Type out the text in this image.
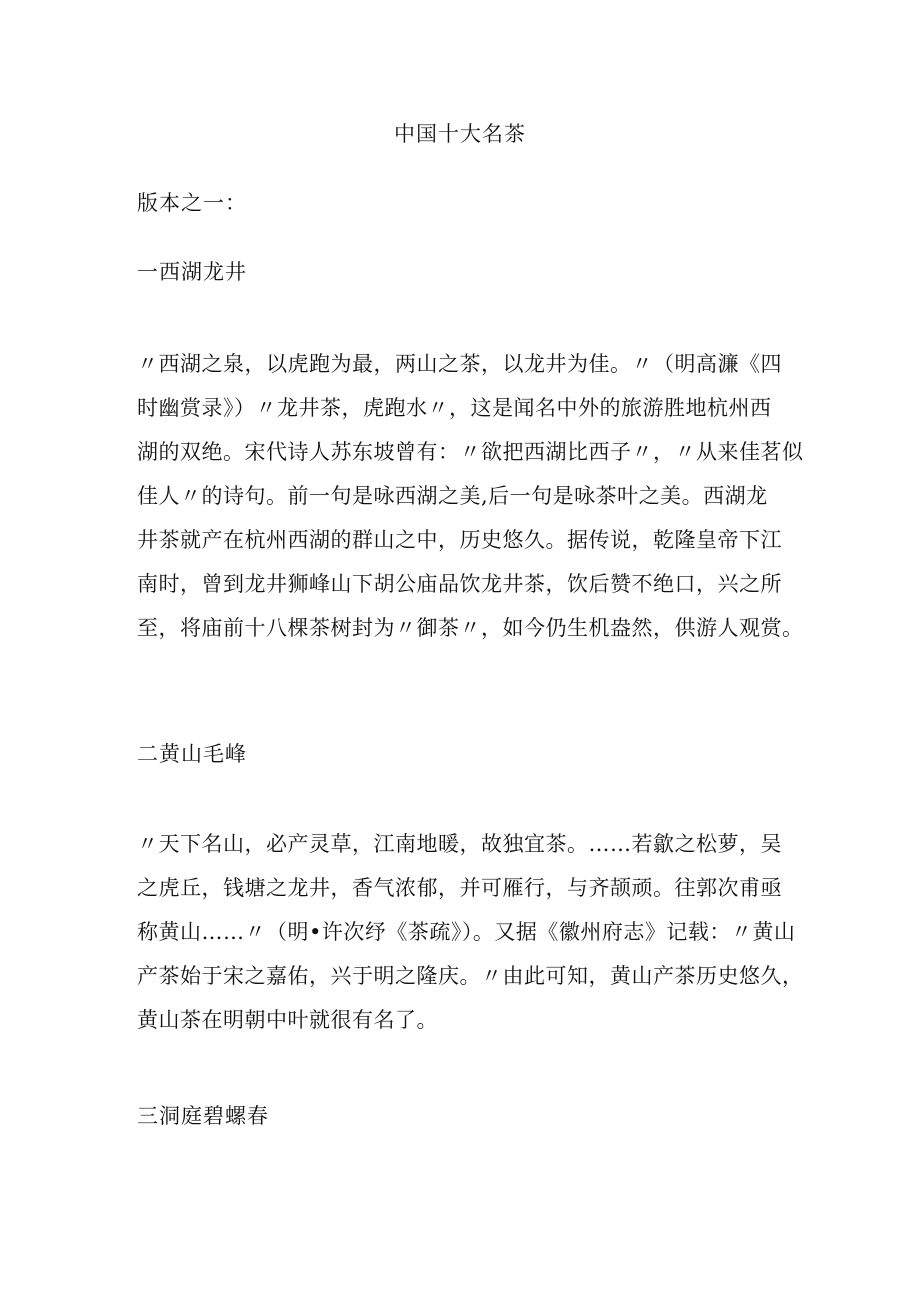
中国十大名茶
版本之一：
一西湖龙井
〃西湖之泉，以虎跑为最，两山之茶，以龙井为佳。〃（明高濂《四
时幽赏录》）〃龙井茶，虎跑水〃，这是闻名中外的旅游胜地杭州西
湖的双绝。宋代诗人苏东坡曾有：〃欲把西湖比西子〃，〃从来佳茗似
佳人〃的诗句。前一句是咏西湖之美,后一句是咏茶叶之美。西湖龙
井茶就产在杭州西湖的群山之中，历史悠久。据传说，乾隆皇帝下江
南时，曾到龙井狮峰山下胡公庙品饮龙井茶，饮后赞不绝口，兴之所
至，将庙前十八棵茶树封为〃御茶〃，如今仍生机盎然，供游人观赏。
二黄山毛峰
〃天下名山，必产灵草，江南地暖，故独宜茶。……若歙之松萝，吴
之虎丘，钱塘之龙井，香气浓郁，并可雁行，与齐颉顽。往郭次甫亟
称黄山……〃（明•许次纾《茶疏》）。又据《徽州府志》记载：〃黄山
产茶始于宋之嘉佑，兴于明之隆庆。〃由此可知，黄山产茶历史悠久，
黄山茶在明朝中叶就很有名了。
三洞庭碧螺春
